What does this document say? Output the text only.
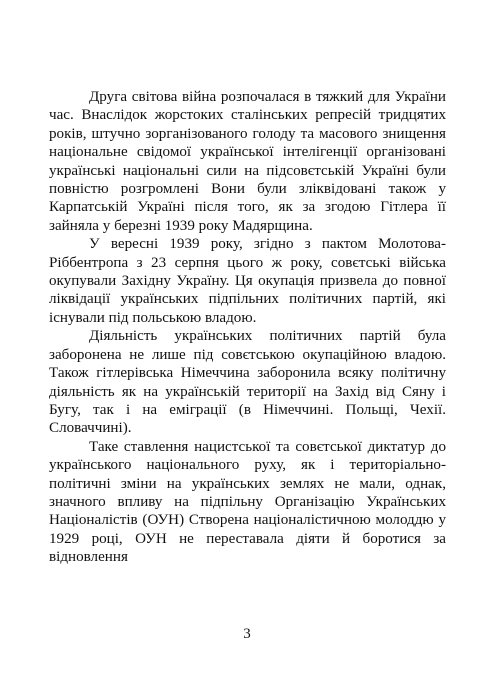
Друга світова війна розпочалася в тяжкий для України час. Внаслідок жорстоких сталінських репресій тридцятих років, штучно зорганізованого голоду та масового знищення національне свідомої української інтелігенції організовані українські національні сили на підсовєтській Україні були повністю розгромлені Вони були зліквідовані також у Карпатській Україні після того, як за згодою Гітлера її зайняла у березні 1939 року Мадярщина.

У вересні 1939 року, згідно з пактом Молотова-Ріббентропа з 23 серпня цього ж року, совєтські війська окупували Західну Україну. Ця окупація призвела до повної ліквідації українських підпільних політичних партій, які існували під польською владою.

Діяльність українських політичних партій була заборонена не лише під совєтською окупаційною владою. Також гітлерівська Німеччина заборонила всяку політичну діяльність як на українській території на Захід від Сяну і Бугу, так і на еміграції (в Німеччині. Польщі, Чехії. Словаччині).

Таке ставлення нацистської та совєтської диктатур до українського національного руху, як і територіально-політичні зміни на українських землях не мали, однак, значного впливу на підпільну Організацію Українських Націоналістів (ОУН) Створена націоналістичною молоддю у 1929 році, ОУН не переставала діяти й боротися за відновлення

3
